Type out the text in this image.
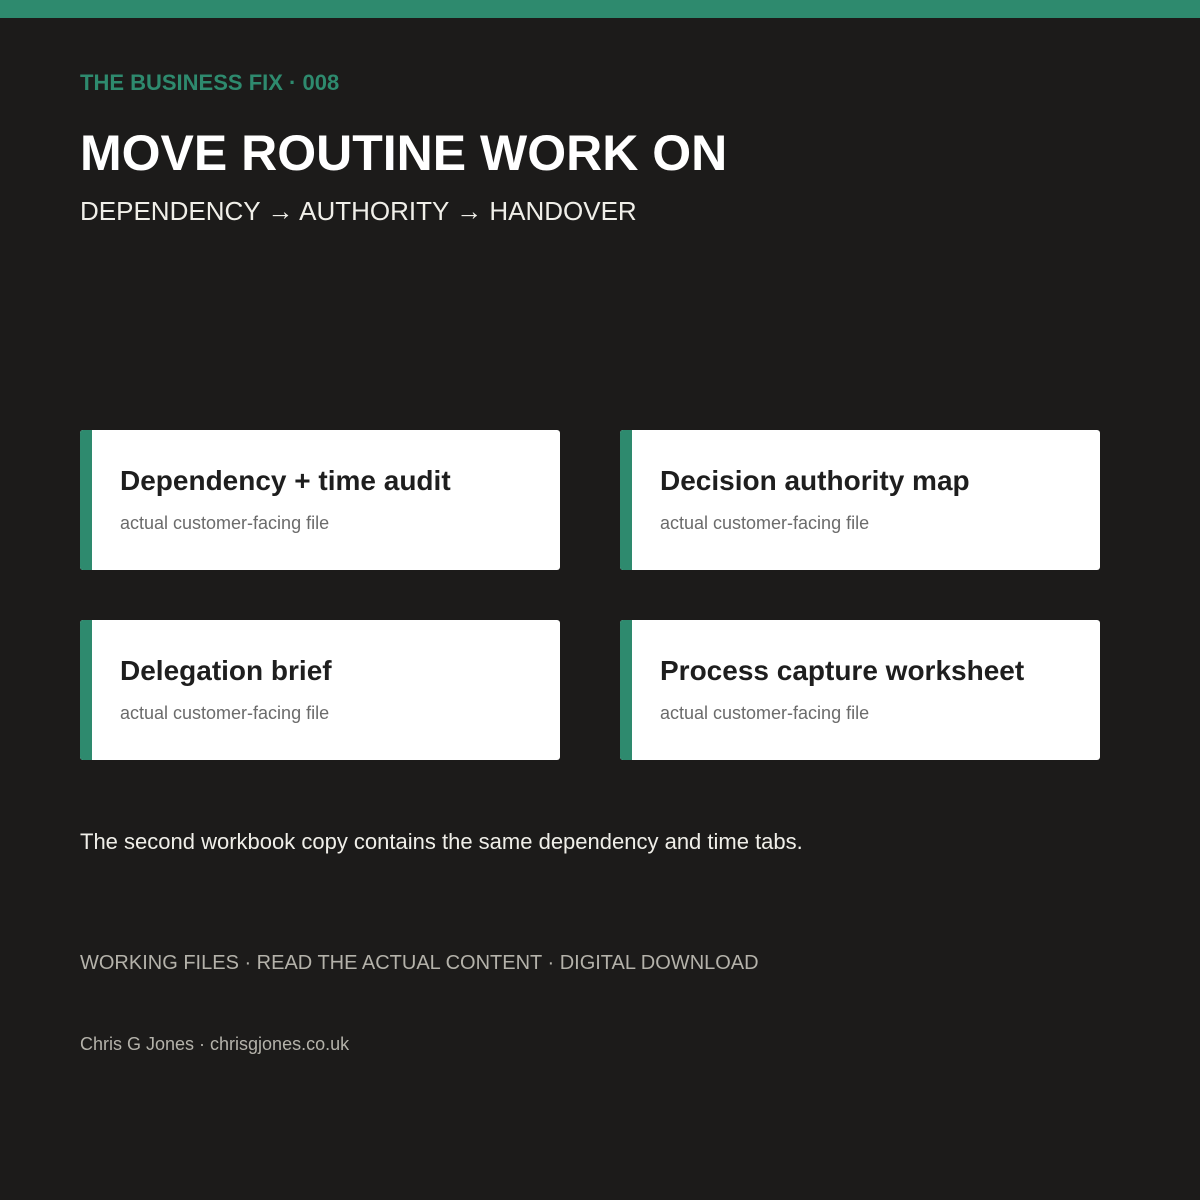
THE BUSINESS FIX · 008
MOVE ROUTINE WORK ON
DEPENDENCY → AUTHORITY → HANDOVER
Dependency + time audit
actual customer-facing file
Decision authority map
actual customer-facing file
Delegation brief
actual customer-facing file
Process capture worksheet
actual customer-facing file
The second workbook copy contains the same dependency and time tabs.
WORKING FILES · READ THE ACTUAL CONTENT · DIGITAL DOWNLOAD
Chris G Jones · chrisgjones.co.uk
